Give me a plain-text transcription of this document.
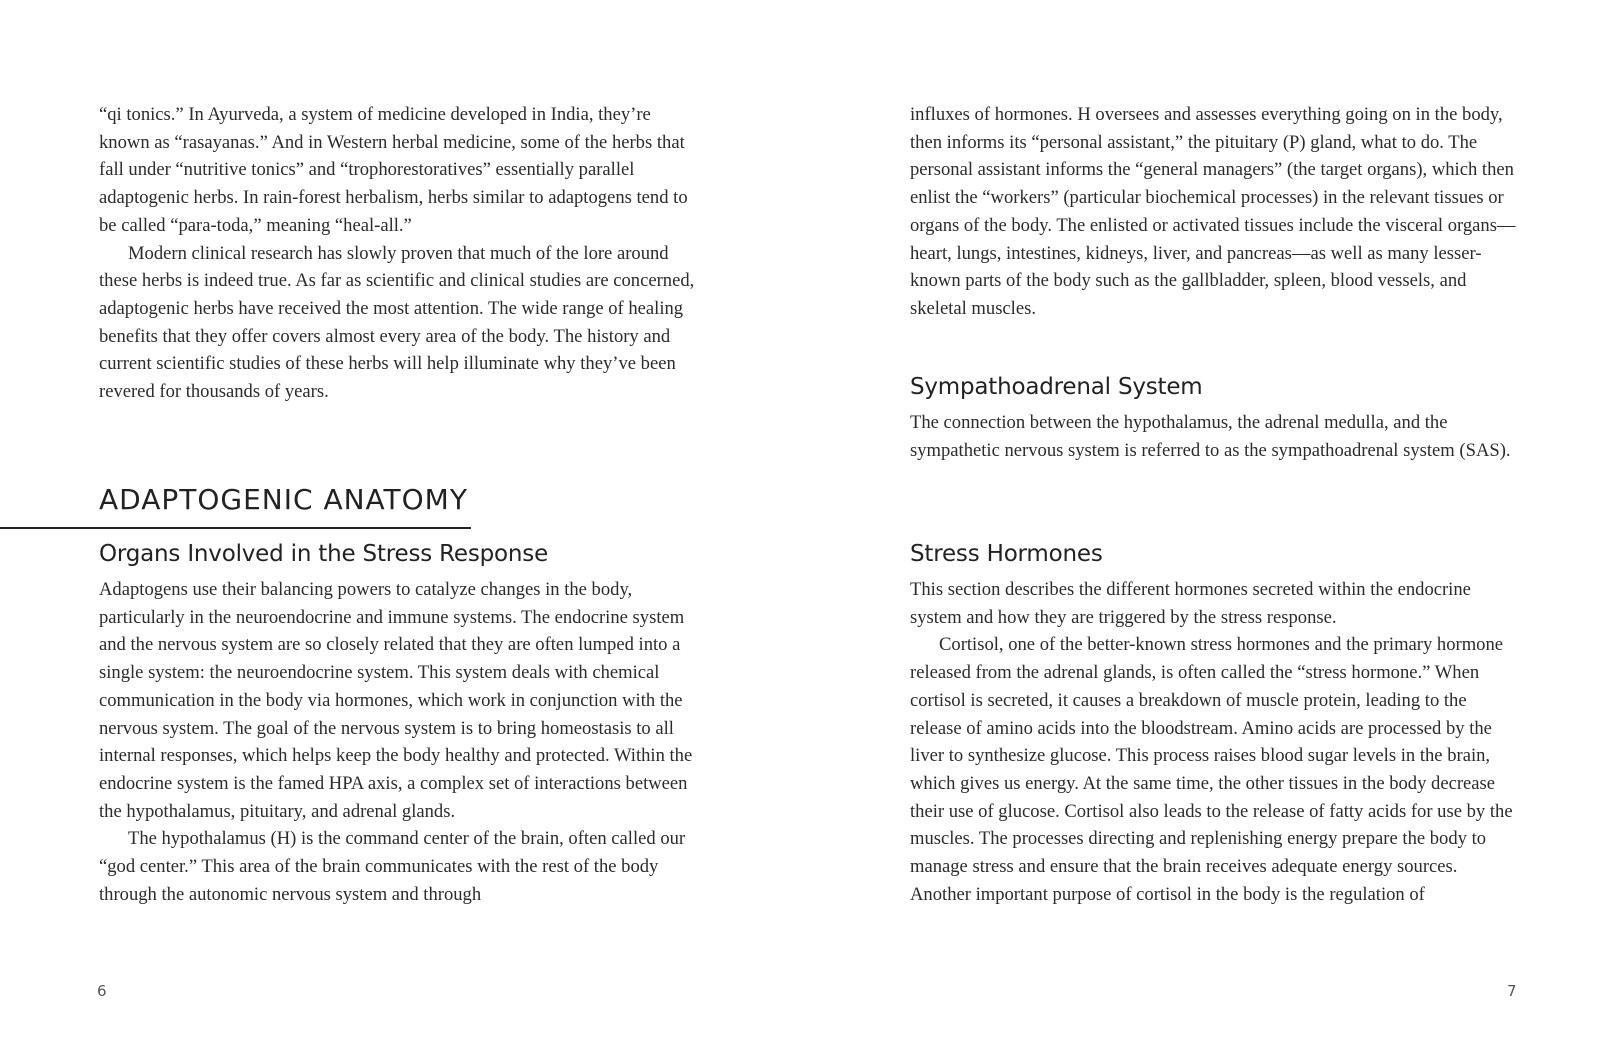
“qi tonics.” In Ayurveda, a system of medicine developed in India, they’re known as “rasayanas.” And in Western herbal medicine, some of the herbs that fall under “nutritive tonics” and “trophorestoratives” essentially parallel adaptogenic herbs. In rain-forest herbalism, herbs similar to adaptogens tend to be called “para-toda,” meaning “heal-all.”

Modern clinical research has slowly proven that much of the lore around these herbs is indeed true. As far as scientific and clinical studies are concerned, adaptogenic herbs have received the most attention. The wide range of healing benefits that they offer covers almost every area of the body. The history and current scientific studies of these herbs will help illuminate why they’ve been revered for thousands of years.

ADAPTOGENIC ANATOMY
Organs Involved in the Stress Response

Adaptogens use their balancing powers to catalyze changes in the body, particularly in the neuroendocrine and immune systems. The endocrine system and the nervous system are so closely related that they are often lumped into a single system: the neuroendocrine system. This system deals with chemical communication in the body via hormones, which work in conjunction with the nervous system. The goal of the nervous system is to bring homeostasis to all internal responses, which helps keep the body healthy and protected. Within the endocrine system is the famed HPA axis, a complex set of interactions between the hypothalamus, pituitary, and adrenal glands.

The hypothalamus (H) is the command center of the brain, often called our “god center.” This area of the brain communicates with the rest of the body through the autonomic nervous system and through

6

influxes of hormones. H oversees and assesses everything going on in the body, then informs its “personal assistant,” the pituitary (P) gland, what to do. The personal assistant informs the “general managers” (the target organs), which then enlist the “workers” (particular biochemical processes) in the relevant tissues or organs of the body. The enlisted or activated tissues include the visceral organs—heart, lungs, intestines, kidneys, liver, and pancreas—as well as many lesser-known parts of the body such as the gallbladder, spleen, blood vessels, and skeletal muscles.

Sympathoadrenal System

The connection between the hypothalamus, the adrenal medulla, and the sympathetic nervous system is referred to as the sympathoadrenal system (SAS).

Stress Hormones

This section describes the different hormones secreted within the endocrine system and how they are triggered by the stress response.

Cortisol, one of the better-known stress hormones and the primary hormone released from the adrenal glands, is often called the “stress hormone.” When cortisol is secreted, it causes a breakdown of muscle protein, leading to the release of amino acids into the bloodstream. Amino acids are processed by the liver to synthesize glucose. This process raises blood sugar levels in the brain, which gives us energy. At the same time, the other tissues in the body decrease their use of glucose. Cortisol also leads to the release of fatty acids for use by the muscles. The processes directing and replenishing energy prepare the body to manage stress and ensure that the brain receives adequate energy sources. Another important purpose of cortisol in the body is the regulation of

7
